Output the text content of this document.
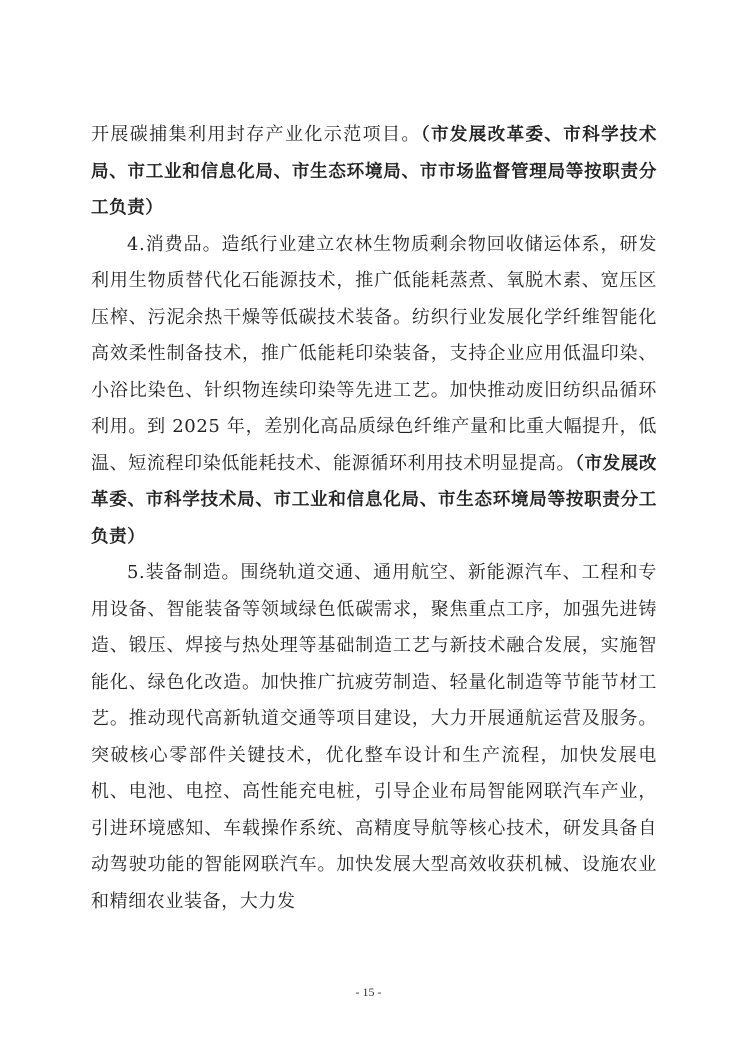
开展碳捕集利用封存产业化示范项目。（市发展改革委、市科学技术局、市工业和信息化局、市生态环境局、市市场监督管理局等按职责分工负责）

4.消费品。造纸行业建立农林生物质剩余物回收储运体系，研发利用生物质替代化石能源技术，推广低能耗蒸煮、氧脱木素、宽压区压榨、污泥余热干燥等低碳技术装备。纺织行业发展化学纤维智能化高效柔性制备技术，推广低能耗印染装备，支持企业应用低温印染、小浴比染色、针织物连续印染等先进工艺。加快推动废旧纺织品循环利用。到 2025 年，差别化高品质绿色纤维产量和比重大幅提升，低温、短流程印染低能耗技术、能源循环利用技术明显提高。（市发展改革委、市科学技术局、市工业和信息化局、市生态环境局等按职责分工负责）

5.装备制造。围绕轨道交通、通用航空、新能源汽车、工程和专用设备、智能装备等领域绿色低碳需求，聚焦重点工序，加强先进铸造、锻压、焊接与热处理等基础制造工艺与新技术融合发展，实施智能化、绿色化改造。加快推广抗疲劳制造、轻量化制造等节能节材工艺。推动现代高新轨道交通等项目建设，大力开展通航运营及服务。突破核心零部件关键技术，优化整车设计和生产流程，加快发展电机、电池、电控、高性能充电桩，引导企业布局智能网联汽车产业，引进环境感知、车载操作系统、高精度导航等核心技术，研发具备自动驾驶功能的智能网联汽车。加快发展大型高效收获机械、设施农业和精细农业装备，大力发

- 15 -
